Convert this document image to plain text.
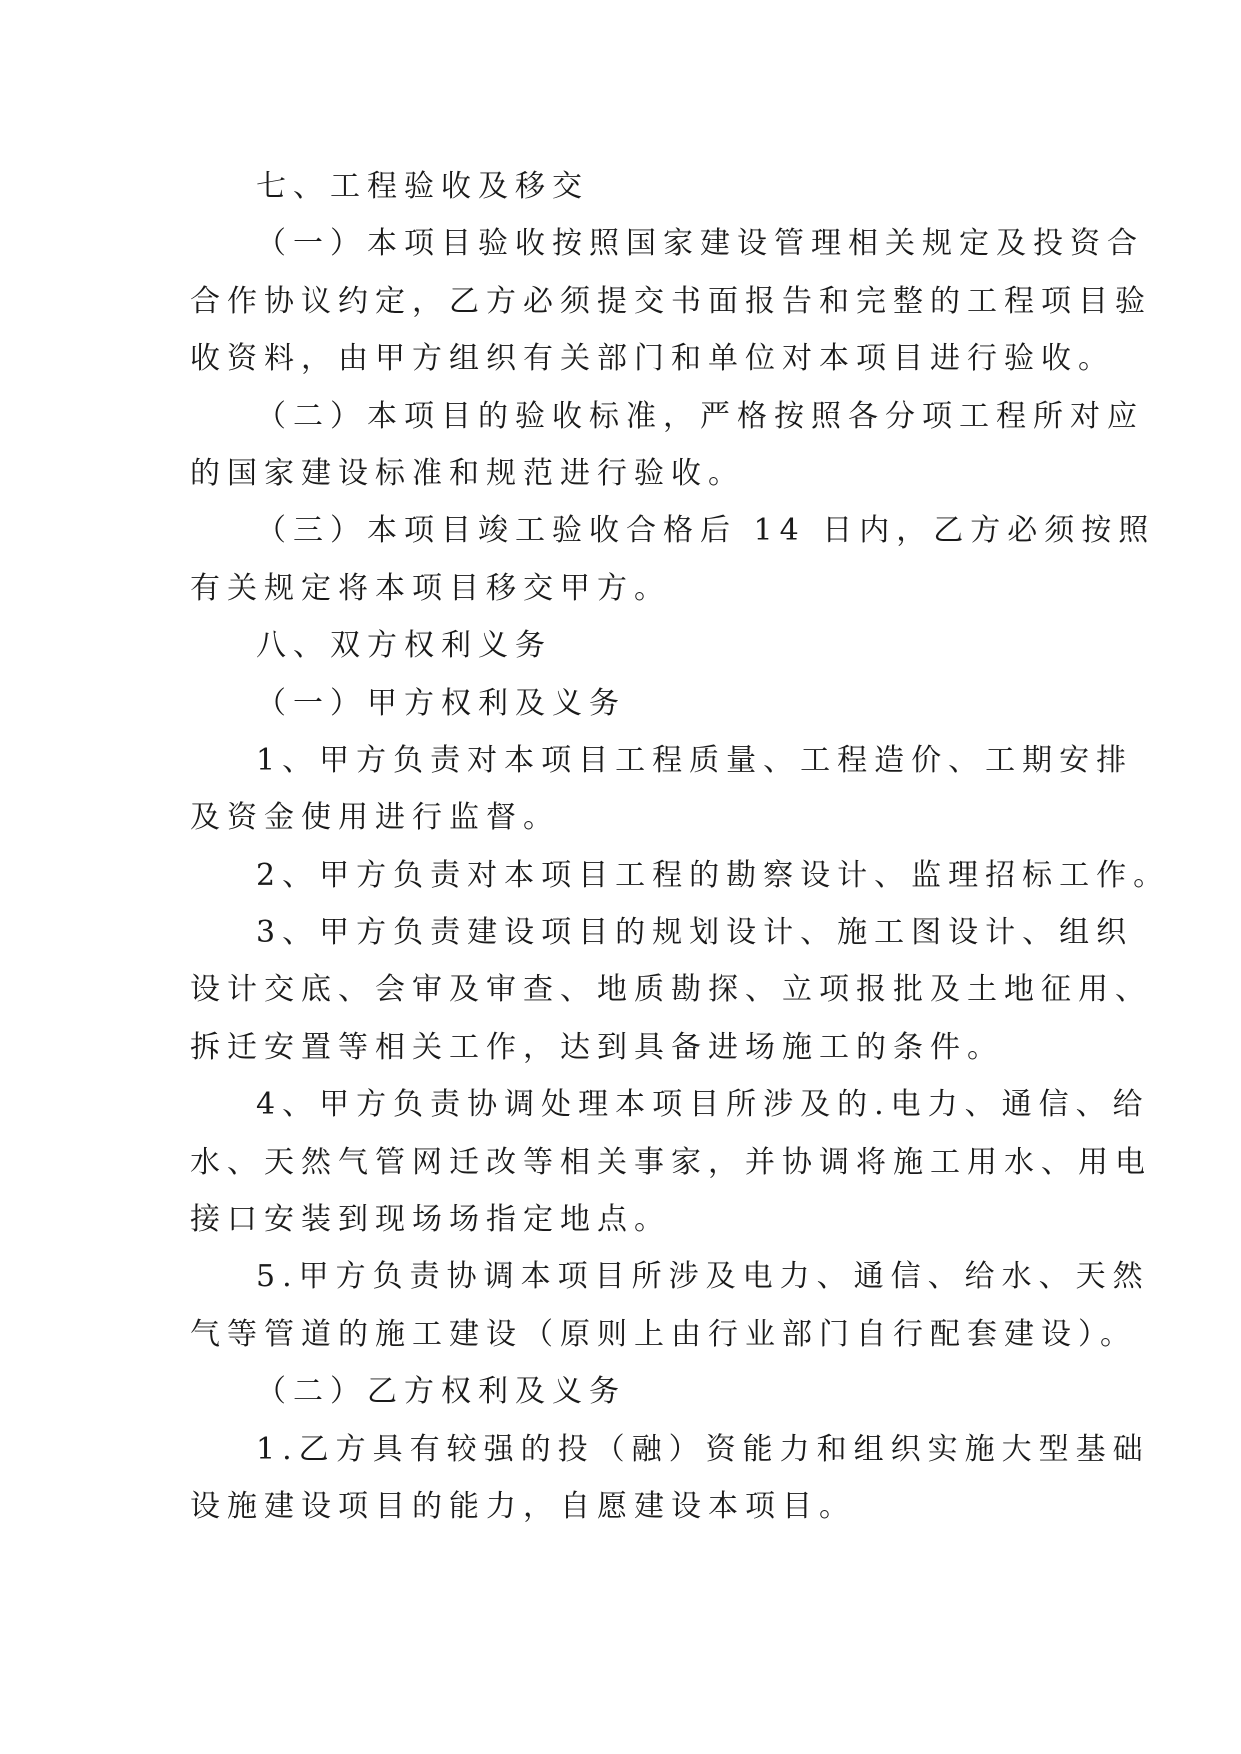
七、工程验收及移交
（一）本项目验收按照国家建设管理相关规定及投资合
合作协议约定，乙方必须提交书面报告和完整的工程项目验
收资料，由甲方组织有关部门和单位对本项目进行验收。
（二）本项目的验收标准，严格按照各分项工程所对应
的国家建设标准和规范进行验收。
（三）本项目竣工验收合格后 14 日内，乙方必须按照
有关规定将本项目移交甲方。
八、双方权利义务
（一）甲方权利及义务
1、甲方负责对本项目工程质量、工程造价、工期安排
及资金使用进行监督。
2、甲方负责对本项目工程的勘察设计、监理招标工作。
3、甲方负责建设项目的规划设计、施工图设计、组织
设计交底、会审及审查、地质勘探、立项报批及土地征用、
拆迁安置等相关工作，达到具备进场施工的条件。
4、甲方负责协调处理本项目所涉及的.电力、通信、给
水、天然气管网迁改等相关事家，并协调将施工用水、用电
接口安装到现场场指定地点。
5.甲方负责协调本项目所涉及电力、通信、给水、天然
气等管道的施工建设（原则上由行业部门自行配套建设）。
（二）乙方权利及义务
1.乙方具有较强的投（融）资能力和组织实施大型基础
设施建设项目的能力，自愿建设本项目。
